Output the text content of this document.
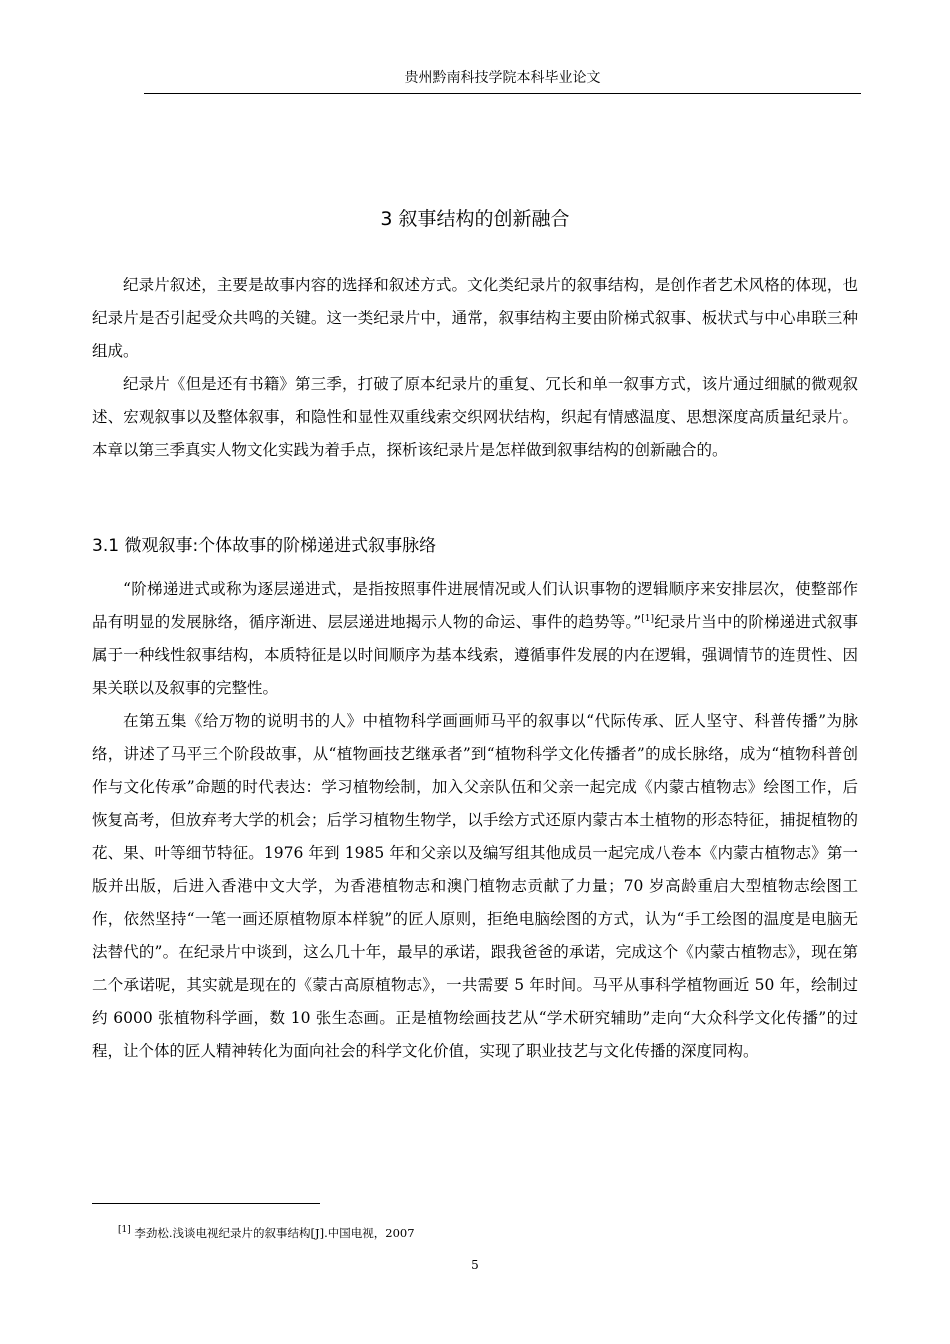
贵州黔南科技学院本科毕业论文
3 叙事结构的创新融合

纪录片叙述，主要是故事内容的选择和叙述方式。文化类纪录片的叙事结构，是创作者艺术风格的体现，也纪录片是否引起受众共鸣的关键。这一类纪录片中，通常，叙事结构主要由阶梯式叙事、板状式与中心串联三种组成。

纪录片《但是还有书籍》第三季，打破了原本纪录片的重复、冗长和单一叙事方式，该片通过细腻的微观叙述、宏观叙事以及整体叙事，和隐性和显性双重线索交织网状结构，织起有情感温度、思想深度高质量纪录片。本章以第三季真实人物文化实践为着手点，探析该纪录片是怎样做到叙事结构的创新融合的。

3.1 微观叙事:个体故事的阶梯递进式叙事脉络

“阶梯递进式或称为逐层递进式，是指按照事件进展情况或人们认识事物的逻辑顺序来安排层次，使整部作品有明显的发展脉络，循序渐进、层层递进地揭示人物的命运、事件的趋势等。”[1]纪录片当中的阶梯递进式叙事属于一种线性叙事结构，本质特征是以时间顺序为基本线索，遵循事件发展的内在逻辑，强调情节的连贯性、因果关联以及叙事的完整性。

在第五集《给万物的说明书的人》中植物科学画画师马平的叙事以“代际传承、匠人坚守、科普传播”为脉络，讲述了马平三个阶段故事，从“植物画技艺继承者”到“植物科学文化传播者”的成长脉络，成为“植物科普创作与文化传承”命题的时代表达：学习植物绘制，加入父亲队伍和父亲一起完成《内蒙古植物志》绘图工作，后恢复高考，但放弃考大学的机会；后学习植物生物学，以手绘方式还原内蒙古本土植物的形态特征，捕捉植物的花、果、叶等细节特征。1976 年到 1985 年和父亲以及编写组其他成员一起完成八卷本《内蒙古植物志》第一版并出版，后进入香港中文大学，为香港植物志和澳门植物志贡献了力量；70 岁高龄重启大型植物志绘图工作，依然坚持“一笔一画还原植物原本样貌”的匠人原则，拒绝电脑绘图的方式，认为“手工绘图的温度是电脑无法替代的”。在纪录片中谈到，这么几十年，最早的承诺，跟我爸爸的承诺，完成这个《内蒙古植物志》，现在第二个承诺呢，其实就是现在的《蒙古高原植物志》，一共需要 5 年时间。马平从事科学植物画近 50 年，绘制过约 6000 张植物科学画，数 10 张生态画。正是植物绘画技艺从“学术研究辅助”走向“大众科学文化传播”的过程，让个体的匠人精神转化为面向社会的科学文化价值，实现了职业技艺与文化传播的深度同构。

[1] 李劲松.浅谈电视纪录片的叙事结构[J].中国电视，2007
5
